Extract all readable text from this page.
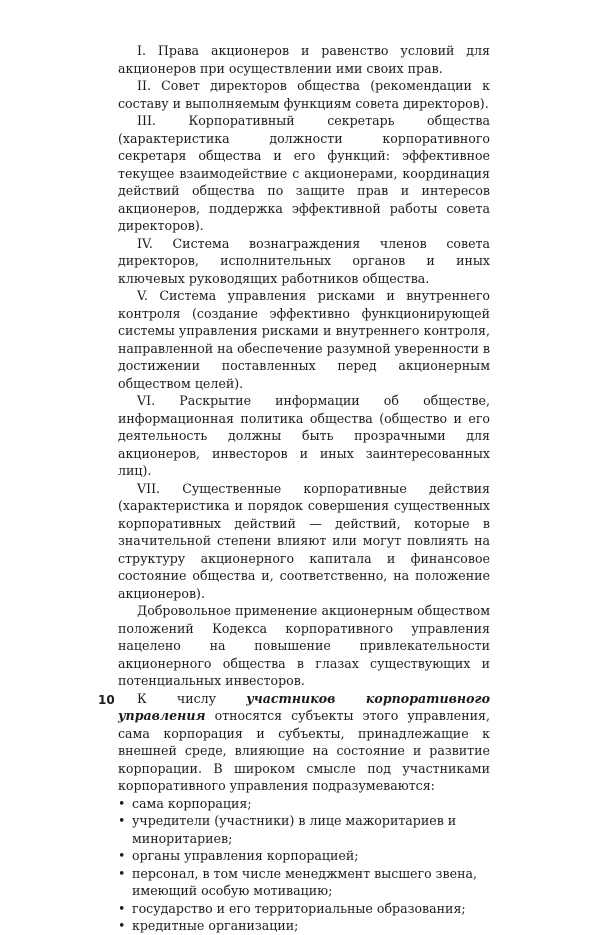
I. Права акционеров и равенство условий для акционеров при осуществлении ими своих прав.

II. Совет директоров общества (рекомендации к составу и выполняемым функциям совета директоров).

III. Корпоративный секретарь общества (характеристика должности корпоративного секретаря общества и его функций: эффективное текущее взаимодействие с акционерами, координация действий общества по защите прав и интересов акционеров, поддержка эффективной работы совета директоров).

IV. Система вознаграждения членов совета директоров, исполнительных органов и иных ключевых руководящих работников общества.

V. Система управления рисками и внутреннего контроля (создание эффективно функционирующей системы управления рисками и внутреннего контроля, направленной на обеспечение разумной уверенности в достижении поставленных перед акционерным обществом целей).

VI. Раскрытие информации об обществе, информационная политика общества (общество и его деятельность должны быть прозрачными для акционеров, инвесторов и иных заинтересованных лиц).

VII. Существенные корпоративные действия (характеристика и порядок совершения существенных корпоративных действий — действий, которые в значительной степени влияют или могут повлиять на структуру акционерного капитала и финансовое состояние общества и, соответственно, на положение акционеров).

Добровольное применение акционерным обществом положений Кодекса корпоративного управления нацелено на повышение привлекательности акционерного общества в глазах существующих и потенциальных инвесторов.

К числу участников корпоративного управления относятся субъекты этого управления, сама корпорация и субъекты, принадлежащие к внешней среде, влияющие на состояние и развитие корпорации. В широком смысле под участниками корпоративного управления подразумеваются:

• сама корпорация;
• учредители (участники) в лице мажоритариев и миноритариев;
• органы управления корпорацией;
• персонал, в том числе менеджмент высшего звена, имеющий особую мотивацию;
• государство и его территориальные образования;
• кредитные организации;
10
